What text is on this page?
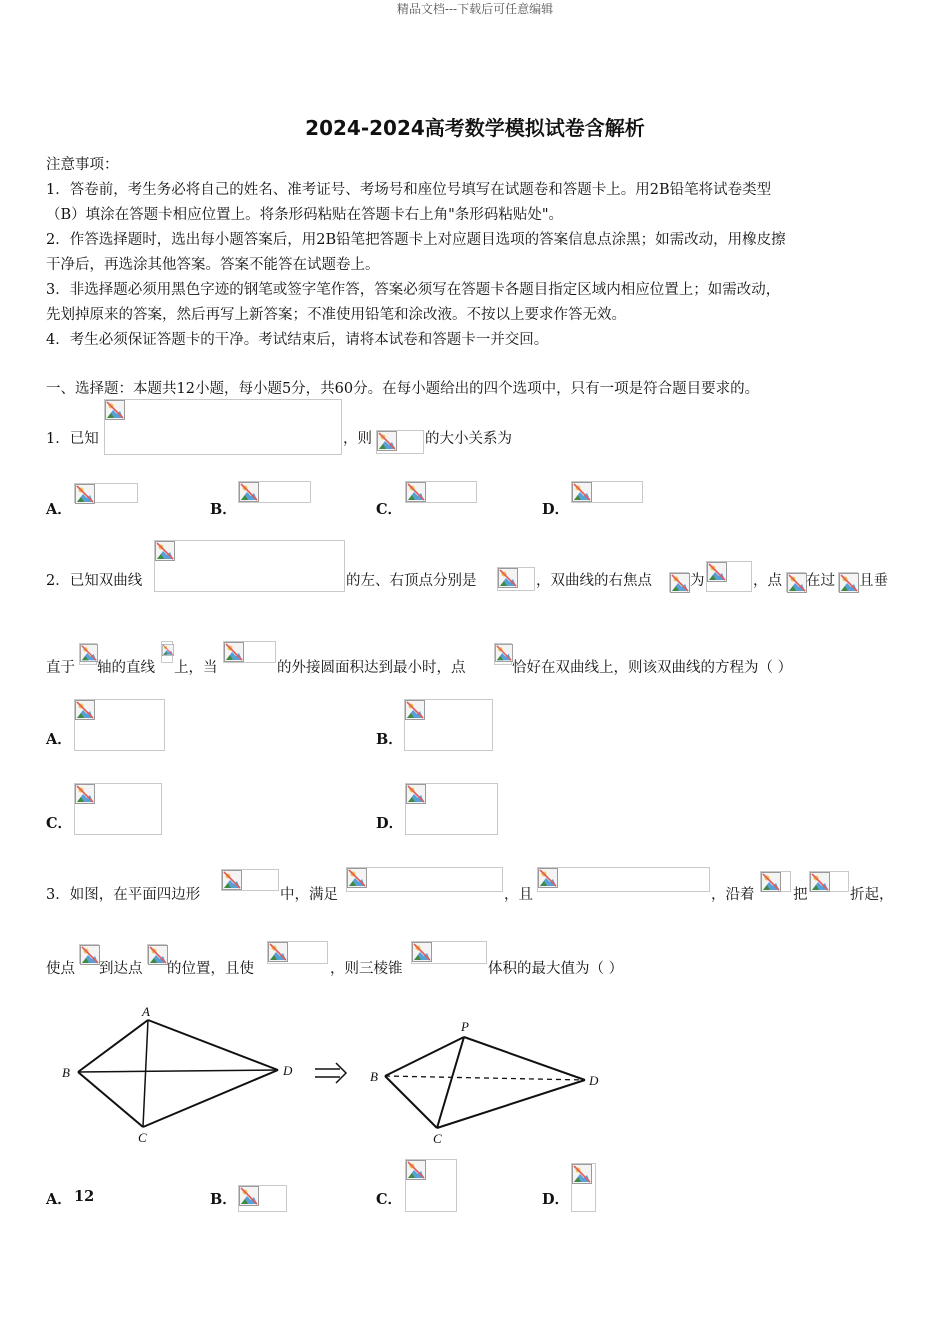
精品文档---下载后可任意编辑
2024-2024高考数学模拟试卷含解析
注意事项：
1．答卷前，考生务必将自己的姓名、准考证号、考场号和座位号填写在试题卷和答题卡上。用2B铅笔将试卷类型
（B）填涂在答题卡相应位置上。将条形码粘贴在答题卡右上角"条形码粘贴处"。
2．作答选择题时，选出每小题答案后，用2B铅笔把答题卡上对应题目选项的答案信息点涂黑；如需改动，用橡皮擦
干净后，再选涂其他答案。答案不能答在试题卷上。
3．非选择题必须用黑色字迹的钢笔或签字笔作答，答案必须写在答题卡各题目指定区域内相应位置上；如需改动，
先划掉原来的答案，然后再写上新答案；不准使用铅笔和涂改液。不按以上要求作答无效。
4．考生必须保证答题卡的干净。考试结束后，请将本试卷和答题卡一并交回。
一、选择题：本题共12小题，每小题5分，共60分。在每小题给出的四个选项中，只有一项是符合题目要求的。
1．已知	，则	的大小关系为
A．	B．	C．	D．
2．已知双曲线	的左、右顶点分别是	，双曲线的右焦点	为	，点 在过 且垂
直于 轴的直线 上，当	的外接圆面积达到最小时，点	恰好在双曲线上，则该双曲线的方程为（ ）
A．	B．
C．	D．
3．如图，在平面四边形	中，满足	，且	，沿着	把	折起，
使点 到达点 的位置，且使	，则三棱锥	体积的最大值为（ ）
A
B
C
D
P
B
C
D
A． 12	B．	C．	D．
